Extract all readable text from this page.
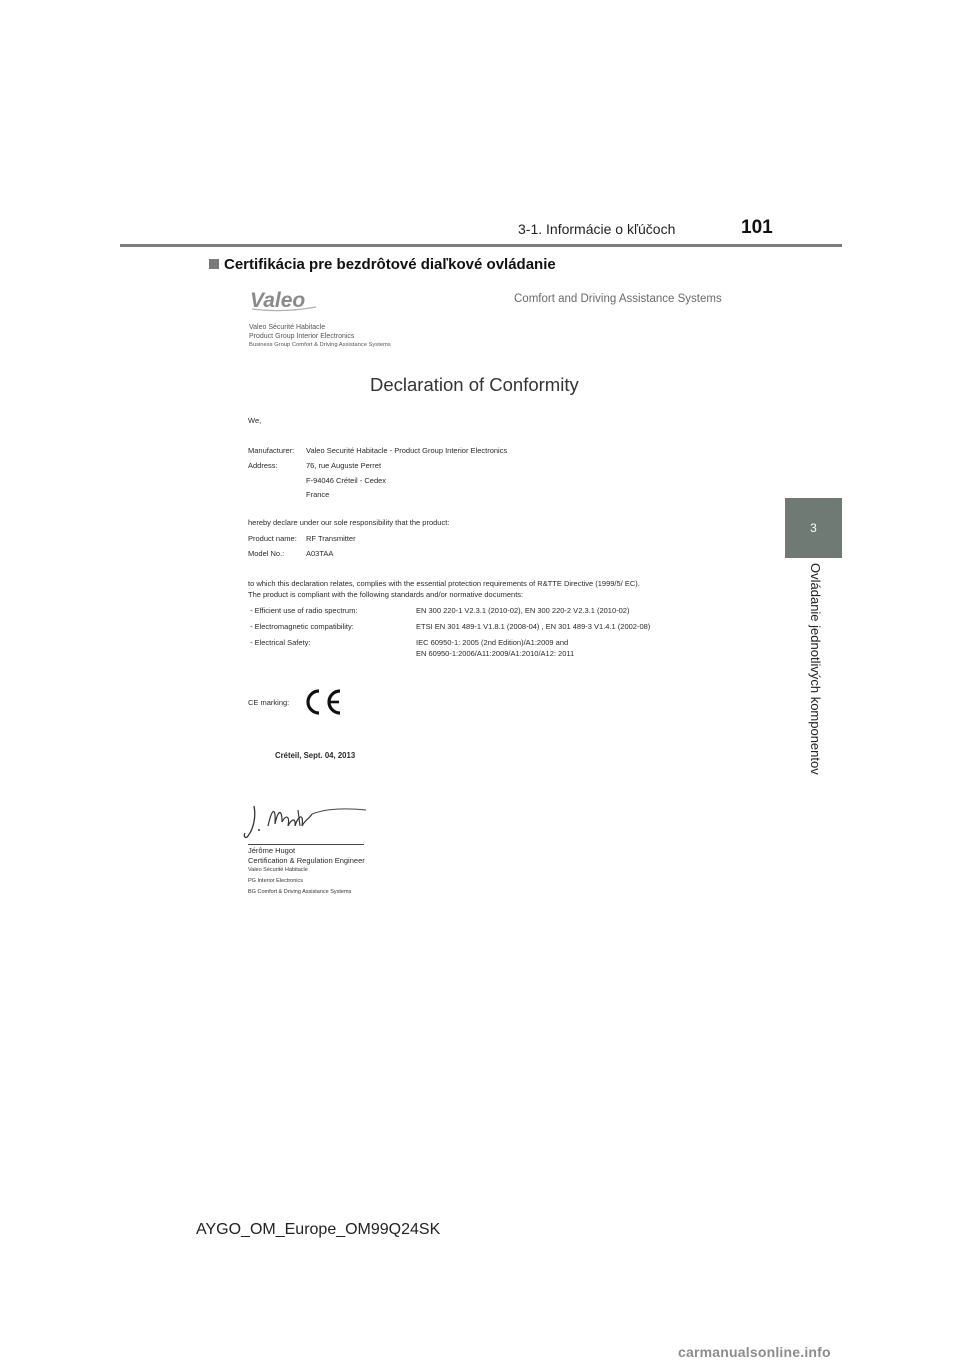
3-1. Informácie o kľúčoch	101
3
Ovládanie jednotlivých komponentov
Certifikácia pre bezdrôtové diaľkové ovládanie
Valeo
Valeo Sécurité Habitacle
Product Group Interior Electronics
Business Group Comfort & Driving Assistance Systems
Comfort and Driving Assistance Systems
Declaration of Conformity
We,
Manufacturer: Valeo Securité Habitacle - Product Group Interior Electronics
Address:	76, rue Auguste Perret
F-94046 Créteil - Cedex
France
hereby declare under our sole responsibility that the product:
Product name: RF Transmitter
Model No.:	A03TAA
to which this declaration relates, complies with the essential protection requirements of R&TTE Directive (1999/5/ EC).
The product is compliant with the following standards and/or normative documents:
- Efficient use of radio spectrum:	EN 300 220-1 V2.3.1 (2010-02), EN 300 220-2 V2.3.1 (2010-02)
- Electromagnetic compatibility:	ETSI EN 301 489-1 V1.8.1 (2008-04) , EN 301 489-3 V1.4.1 (2002-08)
- Electrical Safety:	IEC 60950-1: 2005 (2nd Edition)/A1:2009 and
EN 60950-1:2006/A11:2009/A1:2010/A12: 2011
CE marking:
Créteil, Sept. 04, 2013
Jérôme Hugot
Certification & Regulation Engineer
Valeo Sécurité Habitacle
PG Interior Electronics
BG Comfort & Driving Assistance Systems
AYGO_OM_Europe_OM99Q24SK
carmanualsonline.info
